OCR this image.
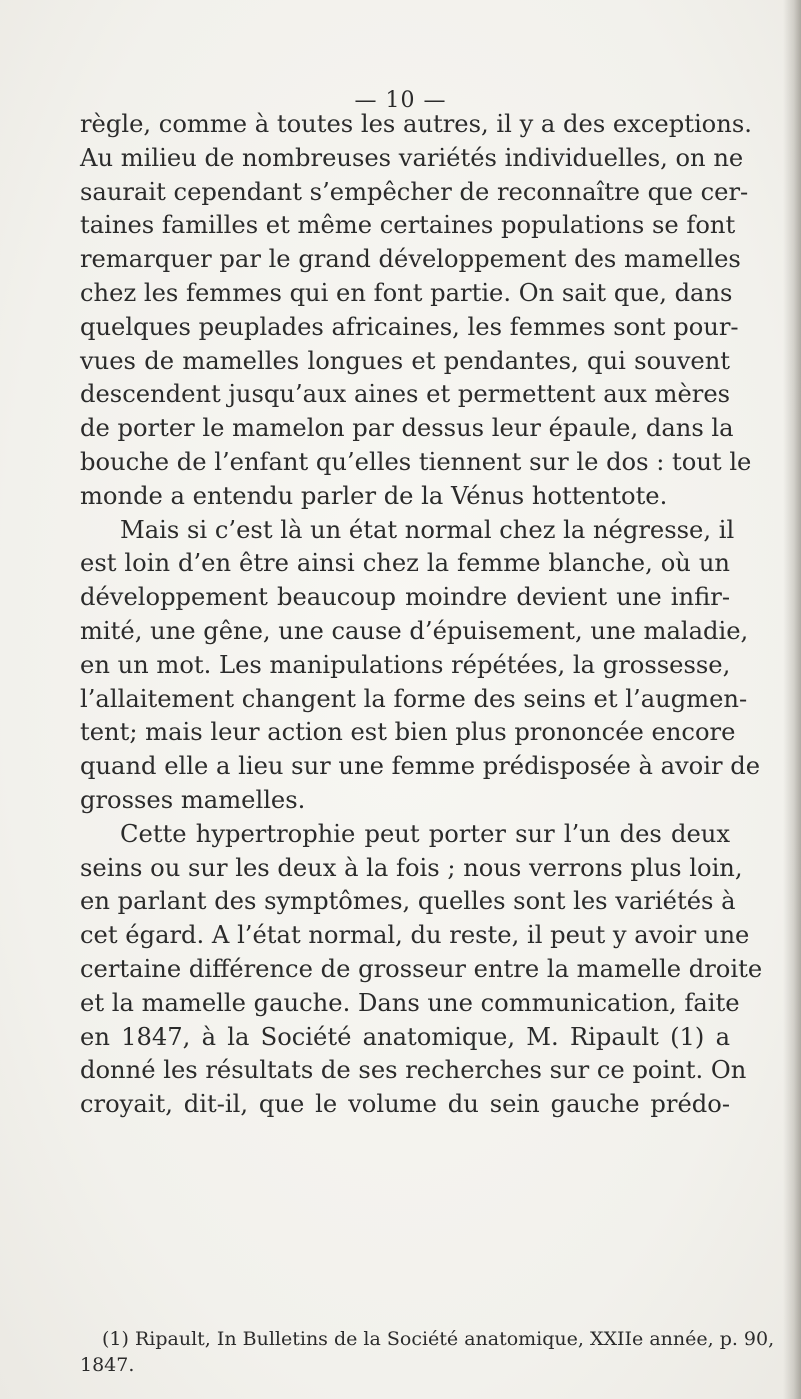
— 10 —
règle, comme à toutes les autres, il y a des exceptions.
Au milieu de nombreuses variétés individuelles, on ne
saurait cependant s’empêcher de reconnaître que cer-
taines familles et même certaines populations se font
remarquer par le grand développement des mamelles
chez les femmes qui en font partie. On sait que, dans
quelques peuplades africaines, les femmes sont pour-
vues de mamelles longues et pendantes, qui souvent
descendent jusqu’aux aines et permettent aux mères
de porter le mamelon par dessus leur épaule, dans la
bouche de l’enfant qu’elles tiennent sur le dos : tout le
monde a entendu parler de la Vénus hottentote.
Mais si c’est là un état normal chez la négresse, il
est loin d’en être ainsi chez la femme blanche, où un
développement beaucoup moindre devient une infir-
mité, une gêne, une cause d’épuisement, une maladie,
en un mot. Les manipulations répétées, la grossesse,
l’allaitement changent la forme des seins et l’augmen-
tent; mais leur action est bien plus prononcée encore
quand elle a lieu sur une femme prédisposée à avoir de
grosses mamelles.
Cette hypertrophie peut porter sur l’un des deux
seins ou sur les deux à la fois ; nous verrons plus loin,
en parlant des symptômes, quelles sont les variétés à
cet égard. A l’état normal, du reste, il peut y avoir une
certaine différence de grosseur entre la mamelle droite
et la mamelle gauche. Dans une communication, faite
en 1847, à la Société anatomique, M. Ripault (1) a
donné les résultats de ses recherches sur ce point. On
croyait, dit-il, que le volume du sein gauche prédo-
(1) Ripault, In Bulletins de la Société anatomique, XXIIe année, p. 90,
1847.
